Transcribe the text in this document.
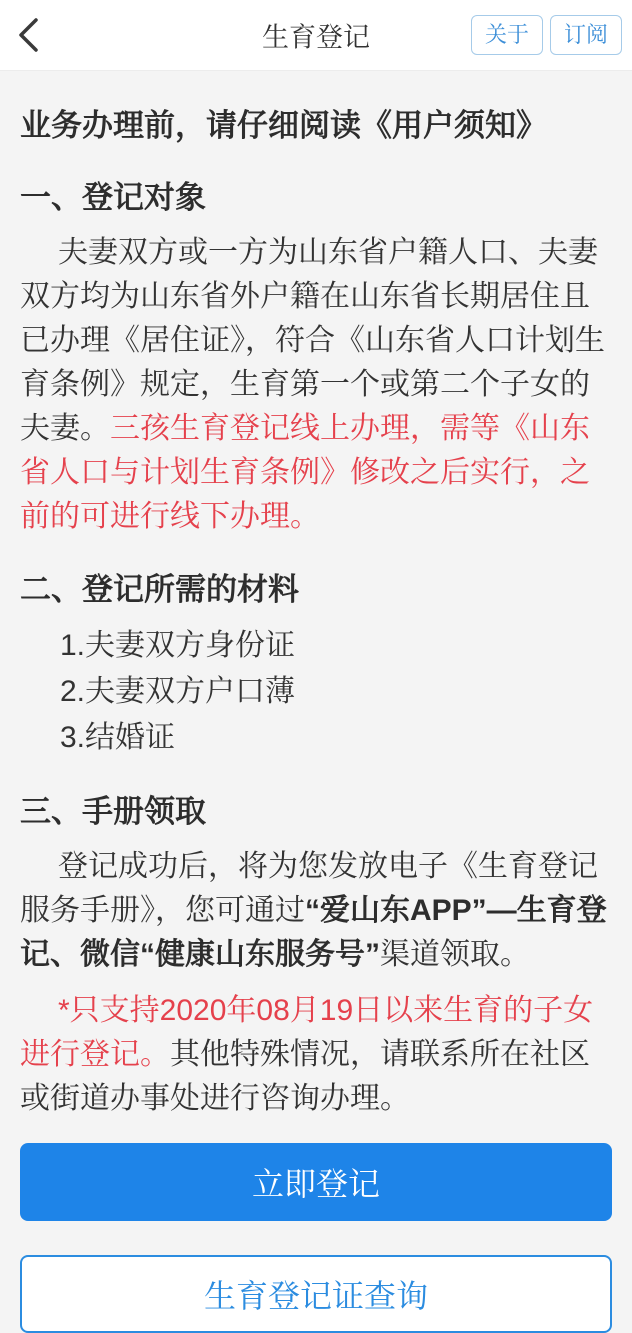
生育登记	关于	订阅
业务办理前，请仔细阅读《用户须知》
一、登记对象

夫妻双方或一方为山东省户籍人口、夫妻双方均为山东省外户籍在山东省长期居住且已办理《居住证》，符合《山东省人口计划生育条例》规定，生育第一个或第二个子女的夫妻。三孩生育登记线上办理，需等《山东省人口与计划生育条例》修改之后实行，之前的可进行线下办理。

二、登记所需的材料
1.夫妻双方身份证
2.夫妻双方户口薄
3.结婚证
三、手册领取

登记成功后，将为您发放电子《生育登记服务手册》，您可通过“爱山东APP”—生育登记、微信“健康山东服务号”渠道领取。

*只支持2020年08月19日以来生育的子女进行登记。其他特殊情况，请联系所在社区或街道办事处进行咨询办理。

立即登记
生育登记证查询
